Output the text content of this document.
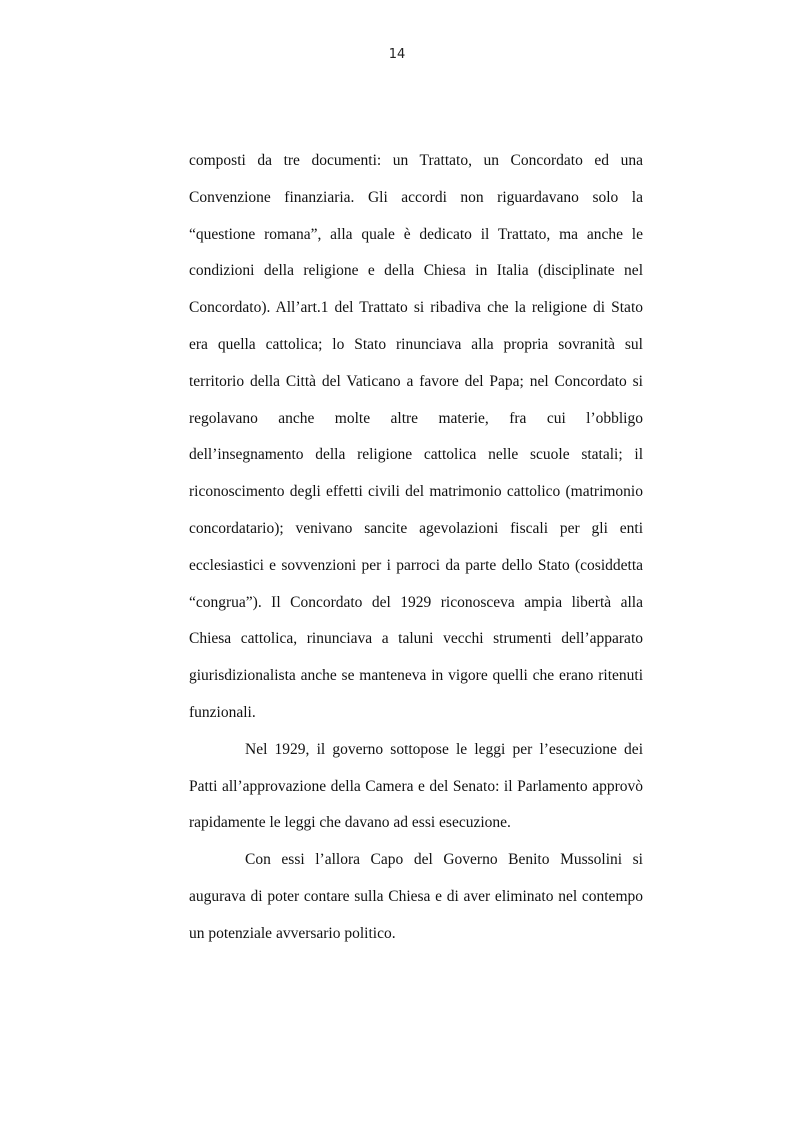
14

composti da tre documenti: un Trattato, un Concordato ed una Convenzione finanziaria. Gli accordi non riguardavano solo la “questione romana”, alla quale è dedicato il Trattato, ma anche le condizioni della religione e della Chiesa in Italia (disciplinate nel Concordato). All’art.1 del Trattato si ribadiva che la religione di Stato era quella cattolica; lo Stato rinunciava alla propria sovranità sul territorio della Città del Vaticano a favore del Papa; nel Concordato si regolavano anche molte altre materie, fra cui l’obbligo dell’insegnamento della religione cattolica nelle scuole statali; il riconoscimento degli effetti civili del matrimonio cattolico (matrimonio concordatario); venivano sancite agevolazioni fiscali per gli enti ecclesiastici e sovvenzioni per i parroci da parte dello Stato (cosiddetta “congrua”). Il Concordato del 1929 riconosceva ampia libertà alla Chiesa cattolica, rinunciava a taluni vecchi strumenti dell’apparato giurisdizionalista anche se manteneva in vigore quelli che erano ritenuti funzionali.

Nel 1929, il governo sottopose le leggi per l’esecuzione dei Patti all’approvazione della Camera e del Senato: il Parlamento approvò rapidamente le leggi che davano ad essi esecuzione.

Con essi l’allora Capo del Governo Benito Mussolini si augurava di poter contare sulla Chiesa e di aver eliminato nel contempo un potenziale avversario politico.
